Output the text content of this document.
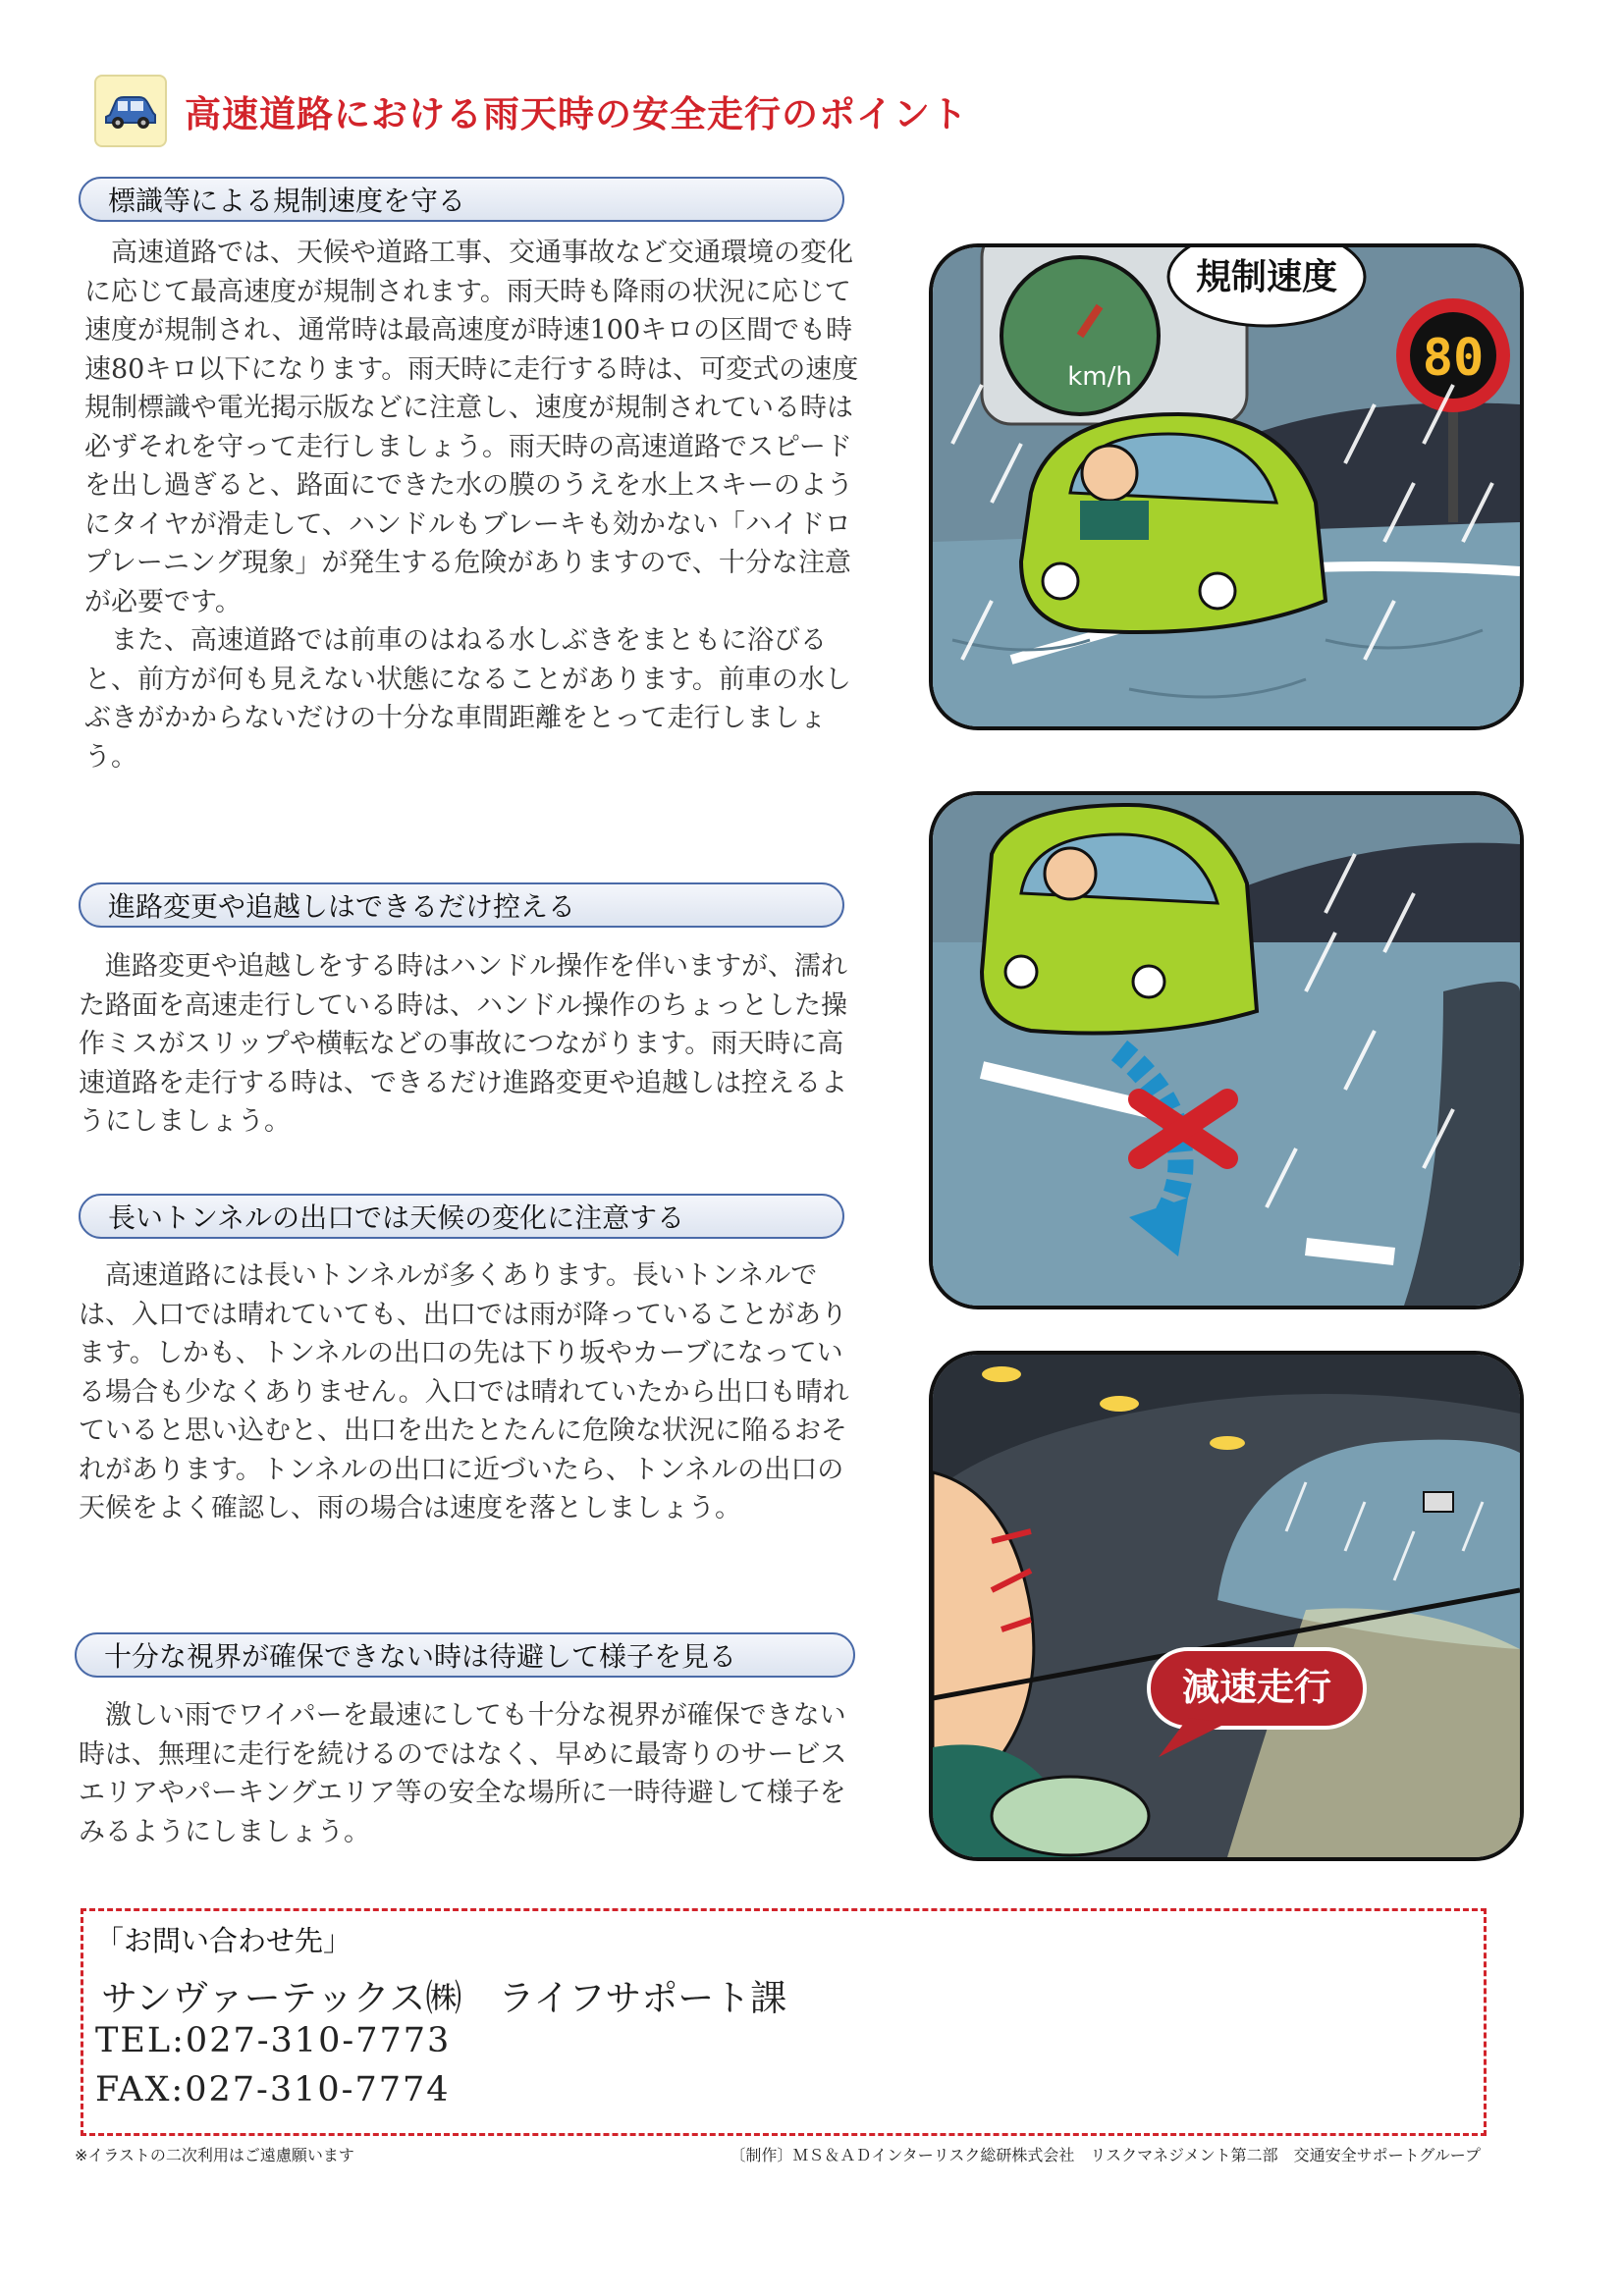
高速道路における雨天時の安全走行のポイント
標識等による規制速度を守る

高速道路では、天候や道路工事、交通事故など交通環境の変化に応じて最高速度が規制されます。雨天時も降雨の状況に応じて速度が規制され、通常時は最高速度が時速100キロの区間でも時速80キロ以下になります。雨天時に走行する時は、可変式の速度規制標識や電光掲示版などに注意し、速度が規制されている時は必ずそれを守って走行しましょう。雨天時の高速道路でスピードを出し過ぎると、路面にできた水の膜のうえを水上スキーのようにタイヤが滑走して、ハンドルもブレーキも効かない「ハイドロプレーニング現象」が発生する危険がありますので、十分な注意が必要です。

また、高速道路では前車のはねる水しぶきをまともに浴びると、前方が何も見えない状態になることがあります。前車の水しぶきがかからないだけの十分な車間距離をとって走行しましょう。

進路変更や追越しはできるだけ控える

進路変更や追越しをする時はハンドル操作を伴いますが、濡れた路面を高速走行している時は、ハンドル操作のちょっとした操作ミスがスリップや横転などの事故につながります。雨天時に高速道路を走行する時は、できるだけ進路変更や追越しは控えるようにしましょう。

長いトンネルの出口では天候の変化に注意する

高速道路には長いトンネルが多くあります。長いトンネルでは、入口では晴れていても、出口では雨が降っていることがあります。しかも、トンネルの出口の先は下り坂やカーブになっている場合も少なくありません。入口では晴れていたから出口も晴れていると思い込むと、出口を出たとたんに危険な状況に陥るおそれがあります。トンネルの出口に近づいたら、トンネルの出口の天候をよく確認し、雨の場合は速度を落としましょう。

十分な視界が確保できない時は待避して様子を見る

激しい雨でワイパーを最速にしても十分な視界が確保できない時は、無理に走行を続けるのではなく、早めに最寄りのサービスエリアやパーキングエリア等の安全な場所に一時待避して様子をみるようにしましょう。

80
km/h
規制速度
減速走行
「お問い合わせ先」
サンヴァーテックス㈱　ライフサポート課
TEL:027-310-7773
FAX:027-310-7774
※イラストの二次利用はご遠慮願います	〔制作〕ＭＳ＆ＡＤインターリスク総研株式会社　リスクマネジメント第二部　交通安全サポートグループ
